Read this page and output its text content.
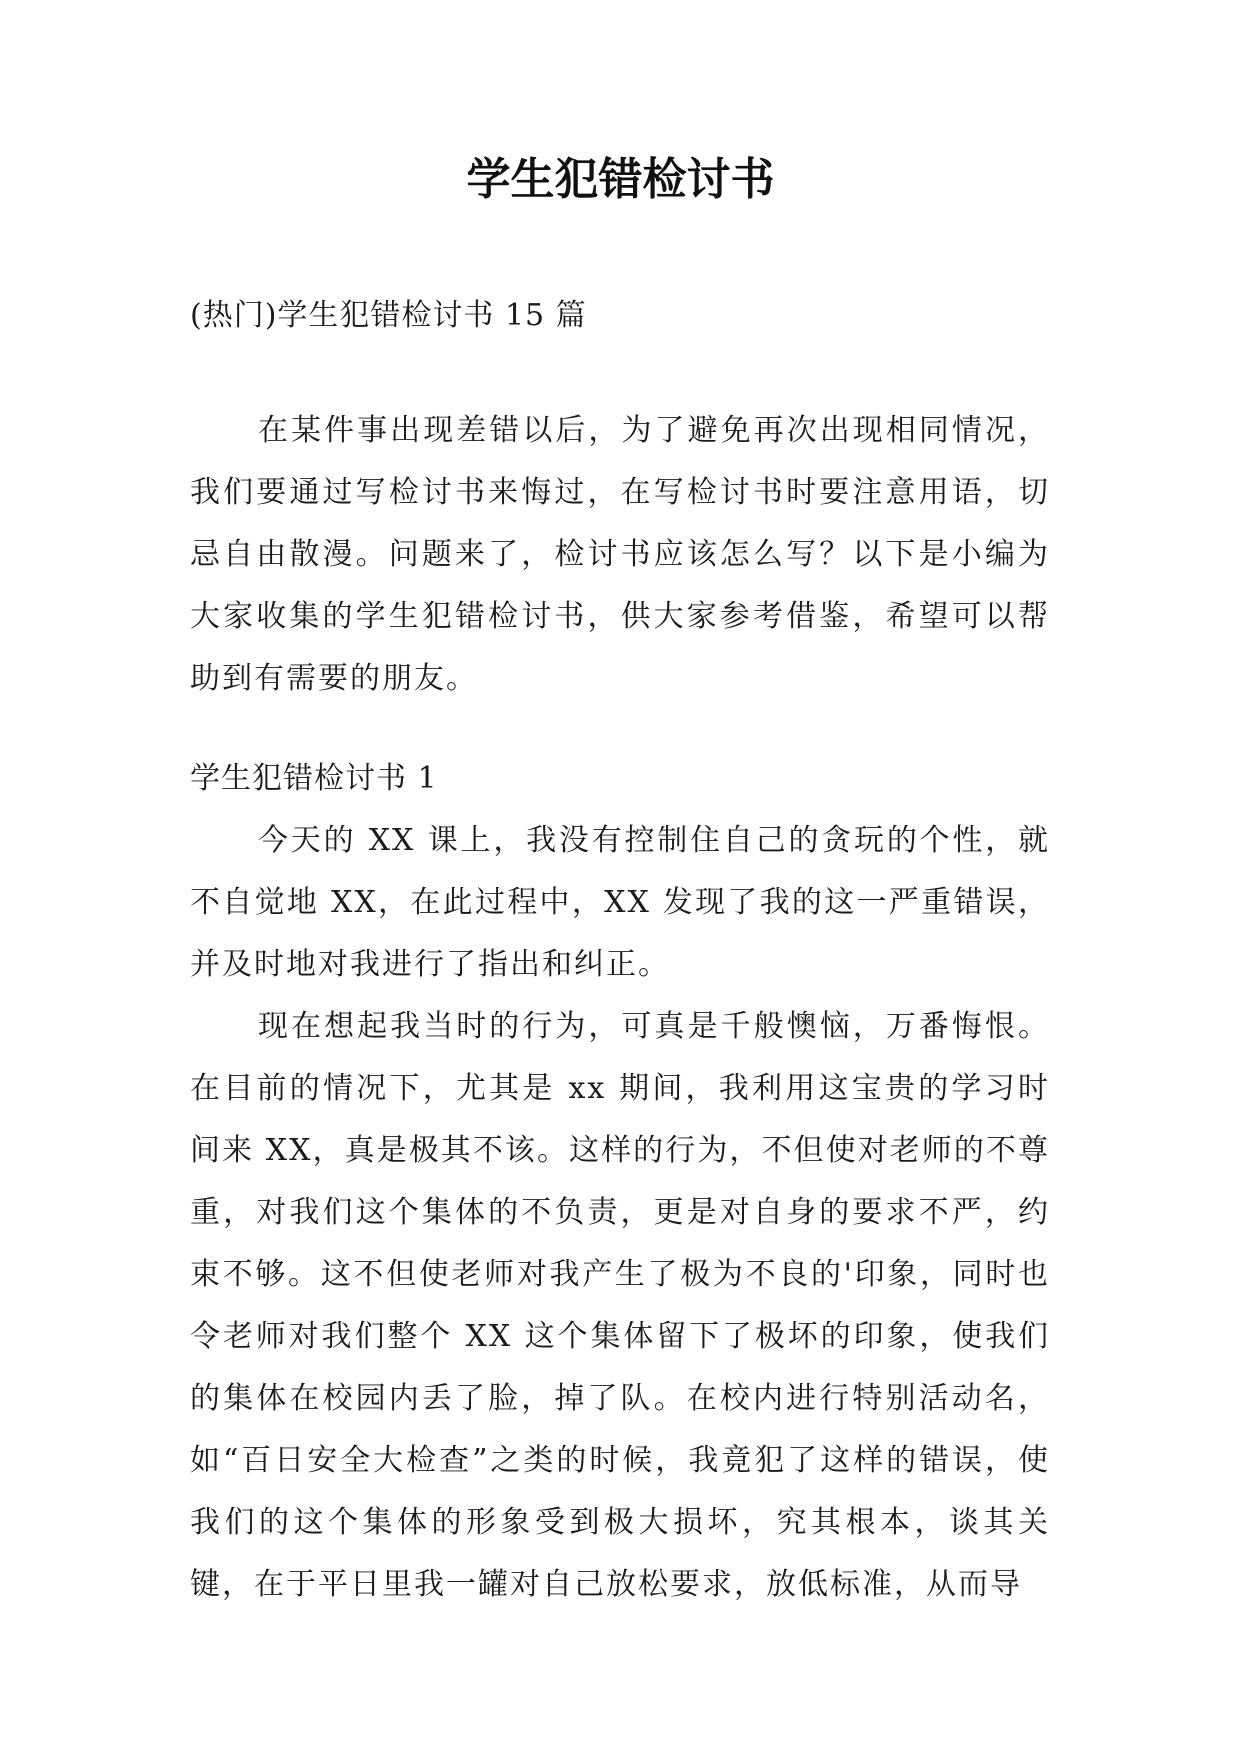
学生犯错检讨书

(热门)学生犯错检讨书 15 篇

在某件事出现差错以后，为了避免再次出现相同情况，我们要通过写检讨书来悔过，在写检讨书时要注意用语，切忌自由散漫。问题来了，检讨书应该怎么写？以下是小编为大家收集的学生犯错检讨书，供大家参考借鉴，希望可以帮助到有需要的朋友。

学生犯错检讨书 1

今天的 XX 课上，我没有控制住自己的贪玩的个性，就不自觉地 XX，在此过程中，XX 发现了我的这一严重错误，并及时地对我进行了指出和纠正。

现在想起我当时的行为，可真是千般懊恼，万番悔恨。在目前的情况下，尤其是 xx 期间，我利用这宝贵的学习时间来 XX，真是极其不该。这样的行为，不但使对老师的不尊重，对我们这个集体的不负责，更是对自身的要求不严，约束不够。这不但使老师对我产生了极为不良的'印象，同时也令老师对我们整个 XX 这个集体留下了极坏的印象，使我们的集体在校园内丢了脸，掉了队。在校内进行特别活动名，如“百日安全大检查”之类的时候，我竟犯了这样的错误，使我们的这个集体的形象受到极大损坏，究其根本，谈其关键，在于平日里我一罐对自己放松要求，放低标准，从而导
